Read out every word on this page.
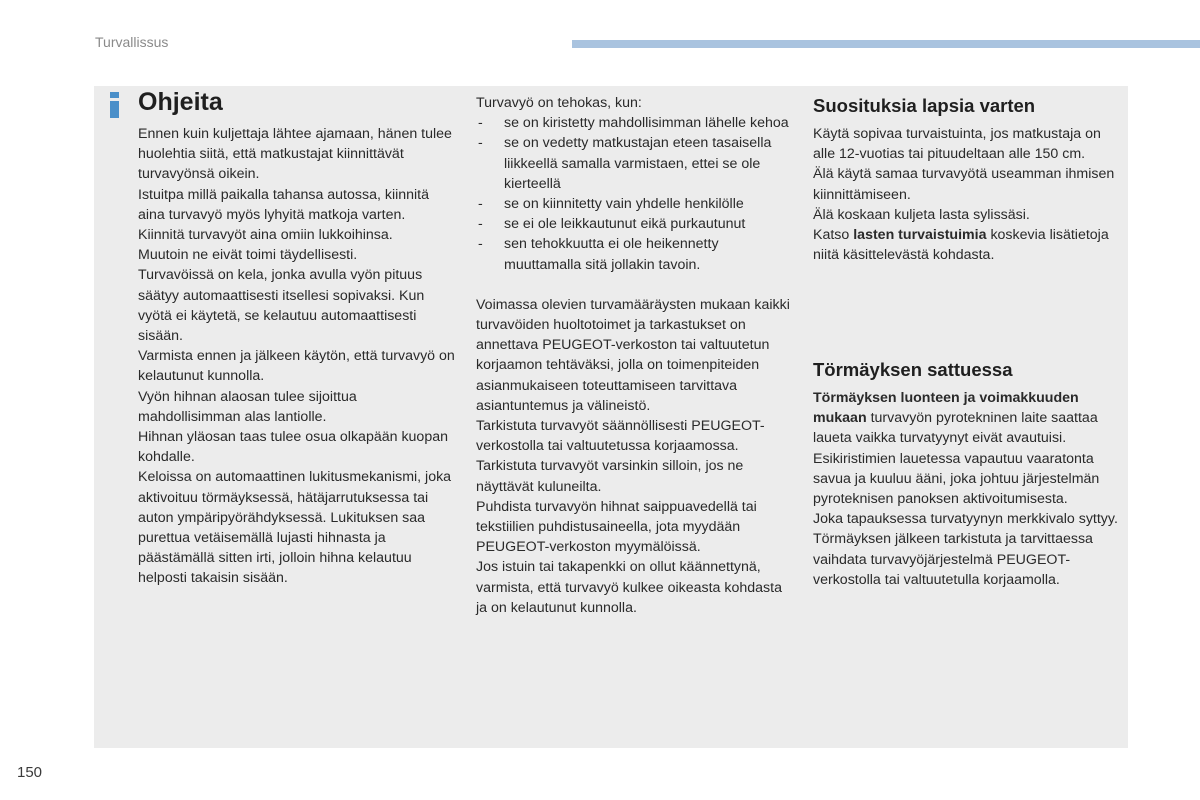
Turvallissus
Ohjeita

Ennen kuin kuljettaja lähtee ajamaan, hänen tulee huolehtia siitä, että matkustajat kiinnittävät turvavyönsä oikein.

Istuitpa millä paikalla tahansa autossa, kiinnitä aina turvavyö myös lyhyitä matkoja varten.

Kiinnitä turvavyöt aina omiin lukkoihinsa.

Muutoin ne eivät toimi täydellisesti.

Turvavöissä on kela, jonka avulla vyön pituus säätyy automaattisesti itsellesi sopivaksi. Kun vyötä ei käytetä, se kelautuu automaattisesti sisään.

Varmista ennen ja jälkeen käytön, että turvavyö on kelautunut kunnolla.

Vyön hihnan alaosan tulee sijoittua mahdollisimman alas lantiolle.

Hihnan yläosan taas tulee osua olkapään kuopan kohdalle.

Keloissa on automaattinen lukitusmekanismi, joka aktivoituu törmäyksessä, hätäjarrutuksessa tai auton ympäripyörähdyksessä. Lukituksen saa purettua vetäisemällä lujasti hihnasta ja päästämällä sitten irti, jolloin hihna kelautuu helposti takaisin sisään.

Turvavyö on tehokas, kun:

- se on kiristetty mahdollisimman lähelle kehoa
- se on vedetty matkustajan eteen tasaisella liikkeellä samalla varmistaen, ettei se ole kierteellä
- se on kiinnitetty vain yhdelle henkilölle
- se ei ole leikkautunut eikä purkautunut
- sen tehokkuutta ei ole heikennetty muuttamalla sitä jollakin tavoin.

Voimassa olevien turvamääräysten mukaan kaikki turvavöiden huoltotoimet ja tarkastukset on annettava PEUGEOT-verkoston tai valtuutetun korjaamon tehtäväksi, jolla on toimenpiteiden asianmukaiseen toteuttamiseen tarvittava asiantuntemus ja välineistö.

Tarkistuta turvavyöt säännöllisesti PEUGEOT-verkostolla tai valtuutetussa korjaamossa. Tarkistuta turvavyöt varsinkin silloin, jos ne näyttävät kuluneilta.

Puhdista turvavyön hihnat saippuavedellä tai tekstiilien puhdistusaineella, jota myydään PEUGEOT-verkoston myymälöissä.

Jos istuin tai takapenkki on ollut käännettynä, varmista, että turvavyö kulkee oikeasta kohdasta ja on kelautunut kunnolla.

Suosituksia lapsia varten

Käytä sopivaa turvaistuinta, jos matkustaja on alle 12-vuotias tai pituudeltaan alle 150 cm.

Älä käytä samaa turvavyötä useamman ihmisen kiinnittämiseen.

Älä koskaan kuljeta lasta sylissäsi.

Katso lasten turvaistuimia koskevia lisätietoja niitä käsittelevästä kohdasta.

Törmäyksen sattuessa

Törmäyksen luonteen ja voimakkuuden mukaan turvavyön pyrotekninen laite saattaa laueta vaikka turvatyynyt eivät avautuisi. Esikiristimien lauetessa vapautuu vaaratonta savua ja kuuluu ääni, joka johtuu järjestelmän pyroteknisen panoksen aktivoitumisesta.

Joka tapauksessa turvatyynyn merkkivalo syttyy.

Törmäyksen jälkeen tarkistuta ja tarvittaessa vaihdata turvavyöjärjestelmä PEUGEOT-verkostolla tai valtuutetulla korjaamolla.

150
